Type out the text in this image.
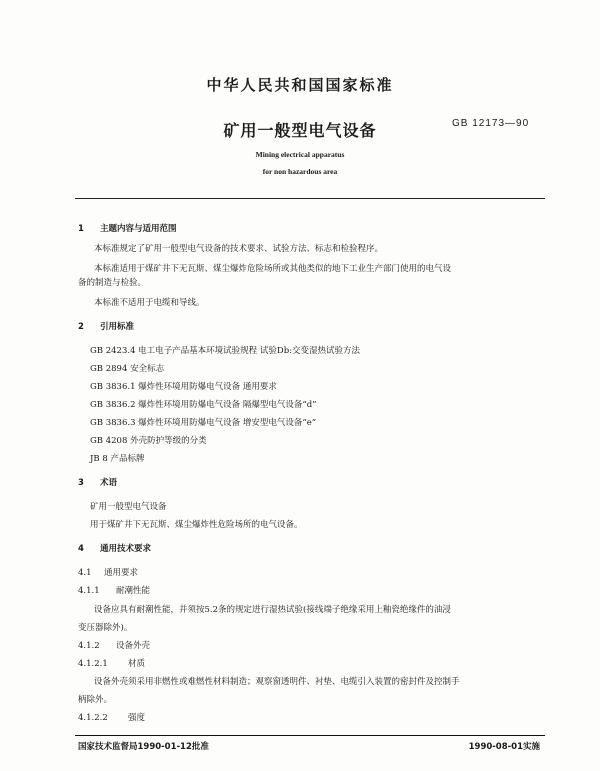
中华人民共和国国家标准
矿用一般型电气设备	GB 12173—90
Mining electrical apparatus
for non hazardous area
1 主题内容与适用范围
本标准规定了矿用一般型电气设备的技术要求、试验方法、标志和检验程序。
本标准适用于煤矿井下无瓦斯、煤尘爆炸危险场所或其他类似的地下工业生产部门使用的电气设
备的制造与检验。
本标准不适用于电缆和导线。
2 引用标准
GB 2423.4 电工电子产品基本环境试验规程 试验Db:交变湿热试验方法
GB 2894 安全标志
GB 3836.1 爆炸性环境用防爆电气设备 通用要求
GB 3836.2 爆炸性环境用防爆电气设备 隔爆型电气设备“d”
GB 3836.3 爆炸性环境用防爆电气设备 增安型电气设备“e”
GB 4208 外壳防护等级的分类
JB 8 产品标牌
3 术语
矿用一般型电气设备
用于煤矿井下无瓦斯、煤尘爆炸性危险场所的电气设备。
4 通用技术要求
4.1 通用要求
4.1.1 耐潮性能
设备应具有耐潮性能，并须按5.2条的规定进行湿热试验(接线端子绝缘采用上釉瓷绝缘件的油浸
变压器除外)。
4.1.2 设备外壳
4.1.2.1 材质
设备外壳须采用非燃性或难燃性材料制造；观察窗透明件、衬垫、电缆引入装置的密封件及控制手
柄除外。
4.1.2.2 强度
国家技术监督局1990-01-12批准	1990-08-01实施
